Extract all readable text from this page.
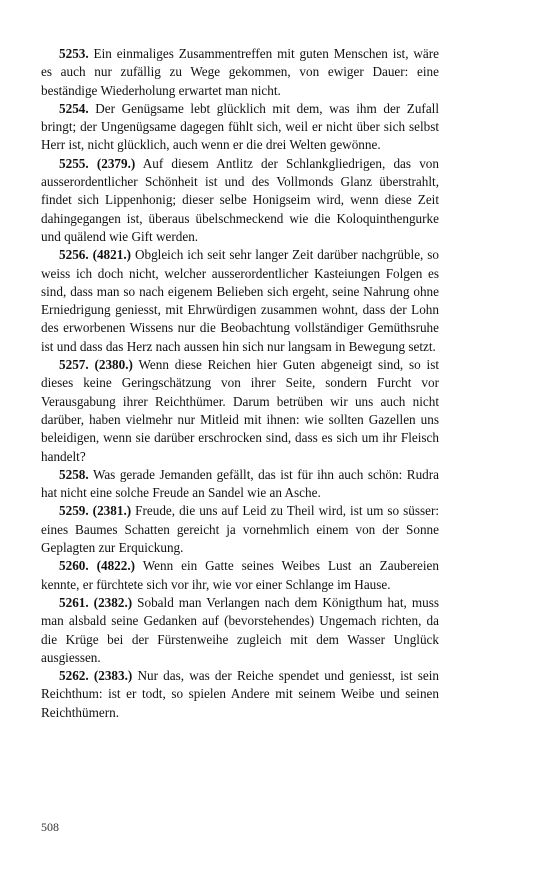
5253. Ein einmaliges Zusammentreffen mit guten Menschen ist, wäre es auch nur zufällig zu Wege gekommen, von ewiger Dauer: eine beständige Wiederholung erwartet man nicht.

5254. Der Genügsame lebt glücklich mit dem, was ihm der Zufall bringt; der Ungenügsame dagegen fühlt sich, weil er nicht über sich selbst Herr ist, nicht glücklich, auch wenn er die drei Welten gewönne.

5255. (2379.) Auf diesem Antlitz der Schlankgliedrigen, das von ausserordentlicher Schönheit ist und des Vollmonds Glanz überstrahlt, findet sich Lippenhonig; dieser selbe Honigseim wird, wenn diese Zeit dahingegangen ist, überaus übelschmeckend wie die Koloquinthengurke und quälend wie Gift werden.

5256. (4821.) Obgleich ich seit sehr langer Zeit darüber nachgrüble, so weiss ich doch nicht, welcher ausserordentlicher Kasteiungen Folgen es sind, dass man so nach eigenem Belieben sich ergeht, seine Nahrung ohne Erniedrigung geniesst, mit Ehrwürdigen zusammen wohnt, dass der Lohn des erworbenen Wissens nur die Beobachtung vollständiger Gemüthsruhe ist und dass das Herz nach aussen hin sich nur langsam in Bewegung setzt.

5257. (2380.) Wenn diese Reichen hier Guten abgeneigt sind, so ist dieses keine Geringschätzung von ihrer Seite, sondern Furcht vor Verausgabung ihrer Reichthümer. Darum betrüben wir uns auch nicht darüber, haben vielmehr nur Mitleid mit ihnen: wie sollten Gazellen uns beleidigen, wenn sie darüber erschrocken sind, dass es sich um ihr Fleisch handelt?

5258. Was gerade Jemanden gefällt, das ist für ihn auch schön: Rudra hat nicht eine solche Freude an Sandel wie an Asche.

5259. (2381.) Freude, die uns auf Leid zu Theil wird, ist um so süsser: eines Baumes Schatten gereicht ja vornehmlich einem von der Sonne Geplagten zur Erquickung.

5260. (4822.) Wenn ein Gatte seines Weibes Lust an Zaubereien kennte, er fürchtete sich vor ihr, wie vor einer Schlange im Hause.

5261. (2382.) Sobald man Verlangen nach dem Königthum hat, muss man alsbald seine Gedanken auf (bevorstehendes) Ungemach richten, da die Krüge bei der Fürstenweihe zugleich mit dem Wasser Unglück ausgiessen.

5262. (2383.) Nur das, was der Reiche spendet und geniesst, ist sein Reichthum: ist er todt, so spielen Andere mit seinem Weibe und seinen Reichthümern.

508
